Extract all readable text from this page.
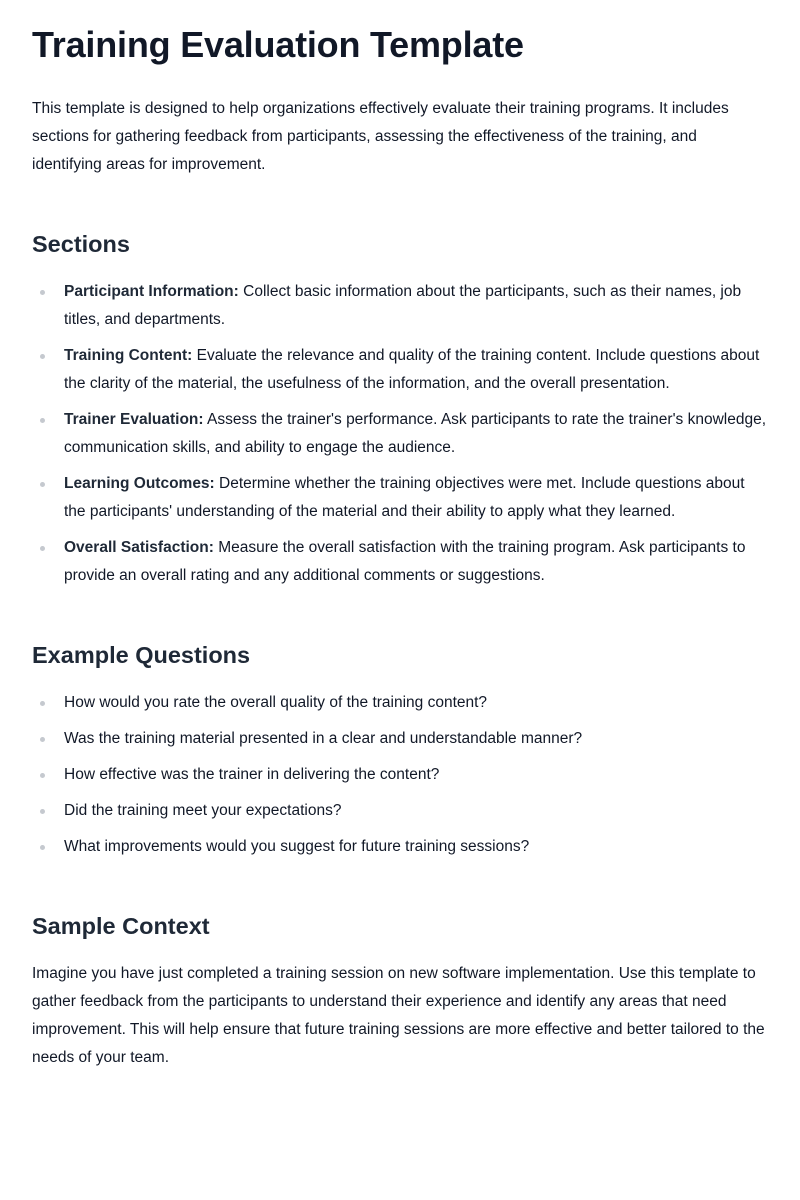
Training Evaluation Template

This template is designed to help organizations effectively evaluate their training programs. It includes sections for gathering feedback from participants, assessing the effectiveness of the training, and identifying areas for improvement.

Sections
Participant Information: Collect basic information about the participants, such as their names, job titles, and departments.
Training Content: Evaluate the relevance and quality of the training content. Include questions about the clarity of the material, the usefulness of the information, and the overall presentation.
Trainer Evaluation: Assess the trainer's performance. Ask participants to rate the trainer's knowledge, communication skills, and ability to engage the audience.
Learning Outcomes: Determine whether the training objectives were met. Include questions about the participants' understanding of the material and their ability to apply what they learned.
Overall Satisfaction: Measure the overall satisfaction with the training program. Ask participants to provide an overall rating and any additional comments or suggestions.
Example Questions
How would you rate the overall quality of the training content?
Was the training material presented in a clear and understandable manner?
How effective was the trainer in delivering the content?
Did the training meet your expectations?
What improvements would you suggest for future training sessions?
Sample Context

Imagine you have just completed a training session on new software implementation. Use this template to gather feedback from the participants to understand their experience and identify any areas that need improvement. This will help ensure that future training sessions are more effective and better tailored to the needs of your team.
